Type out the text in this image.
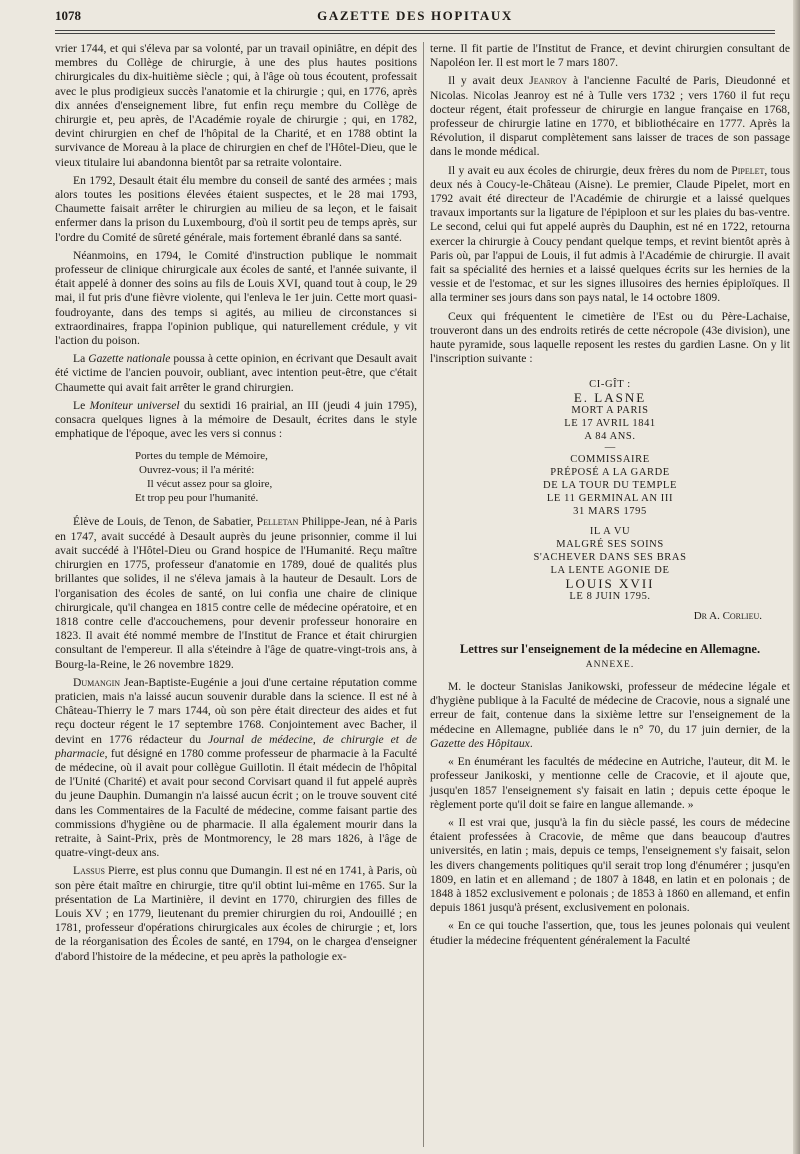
1078	GAZETTE DES HOPITAUX

vrier 1744, et qui s'éleva par sa volonté, par un travail opiniâtre, en dépit des membres du Collège de chirurgie, à une des plus hautes positions chirurgicales du dix-huitième siècle ; qui, à l'âge où tous écoutent, professait avec le plus prodigieux succès l'anatomie et la chirurgie ; qui, en 1776, après dix années d'enseignement libre, fut enfin reçu membre du Collège de chirurgie et, peu après, de l'Académie royale de chirurgie ; qui, en 1782, devint chirurgien en chef de l'hôpital de la Charité, et en 1788 obtint la survivance de Moreau à la place de chirurgien en chef de l'Hôtel-Dieu, que le vieux titulaire lui abandonna bientôt par sa retraite volontaire.

En 1792, Desault était élu membre du conseil de santé des armées ; mais alors toutes les positions élevées étaient suspectes, et le 28 mai 1793, Chaumette faisait arrêter le chirurgien au milieu de sa leçon, et le faisait enfermer dans la prison du Luxembourg, d'où il sortit peu de temps après, sur l'ordre du Comité de sûreté générale, mais fortement ébranlé dans sa santé.

Néanmoins, en 1794, le Comité d'instruction publique le nommait professeur de clinique chirurgicale aux écoles de santé, et l'année suivante, il était appelé à donner des soins au fils de Louis XVI, quand tout à coup, le 29 mai, il fut pris d'une fièvre violente, qui l'enleva le 1er juin. Cette mort quasi-foudroyante, dans des temps si agités, au milieu de circonstances si extraordinaires, frappa l'opinion publique, qui naturellement crédule, y vit l'action du poison.

La Gazette nationale poussa à cette opinion, en écrivant que Desault avait été victime de l'ancien pouvoir, oubliant, avec intention peut-être, que c'était Chaumette qui avait fait arrêter le grand chirurgien.

Le Moniteur universel du sextidi 16 prairial, an III (jeudi 4 juin 1795), consacra quelques lignes à la mémoire de Desault, écrites dans le style emphatique de l'époque, avec les vers si connus :

Portes du temple de Mémoire,
Ouvrez-vous; il l'a mérité:
Il vécut assez pour sa gloire,
Et trop peu pour l'humanité.

Élève de Louis, de Tenon, de Sabatier, Pelletan Philippe-Jean, né à Paris en 1747, avait succédé à Desault auprès du jeune prisonnier, comme il lui avait succédé à l'Hôtel-Dieu ou Grand hospice de l'Humanité. Reçu maître chirurgien en 1775, professeur d'anatomie en 1789, doué de qualités plus brillantes que solides, il ne s'éleva jamais à la hauteur de Desault. Lors de l'organisation des écoles de santé, on lui confia une chaire de clinique chirurgicale, qu'il changea en 1815 contre celle de médecine opératoire, et en 1818 contre celle d'accouchemens, pour devenir professeur honoraire en 1823. Il avait été nommé membre de l'Institut de France et était chirurgien consultant de l'empereur. Il alla s'éteindre à l'âge de quatre-vingt-trois ans, à Bourg-la-Reine, le 26 novembre 1829.

Dumangin Jean-Baptiste-Eugénie a joui d'une certaine réputation comme praticien, mais n'a laissé aucun souvenir durable dans la science. Il est né à Château-Thierry le 7 mars 1744, où son père était directeur des aides et fut reçu docteur régent le 17 septembre 1768. Conjointement avec Bacher, il devint en 1776 rédacteur du Journal de médecine, de chirurgie et de pharmacie, fut désigné en 1780 comme professeur de pharmacie à la Faculté de médecine, où il avait pour collègue Guillotin. Il était médecin de l'hôpital de l'Unité (Charité) et avait pour second Corvisart quand il fut appelé auprès du jeune Dauphin. Dumangin n'a laissé aucun écrit ; on le trouve souvent cité dans les Commentaires de la Faculté de médecine, comme faisant partie des commissions d'hygiène ou de pharmacie. Il alla également mourir dans la retraite, à Saint-Prix, près de Montmorency, le 28 mars 1826, à l'âge de quatre-vingt-deux ans.

Lassus Pierre, est plus connu que Dumangin. Il est né en 1741, à Paris, où son père était maître en chirurgie, titre qu'il obtint lui-même en 1765. Sur la présentation de La Martinière, il devint en 1770, chirurgien des filles de Louis XV ; en 1779, lieutenant du premier chirurgien du roi, Andouillé ; en 1781, professeur d'opérations chirurgicales aux écoles de chirurgie ; et, lors de la réorganisation des Écoles de santé, en 1794, on le chargea d'enseigner d'abord l'histoire de la médecine, et peu après la pathologie ex-

terne. Il fit partie de l'Institut de France, et devint chirurgien consultant de Napoléon Ier. Il est mort le 7 mars 1807.

Il y avait deux Jeanroy à l'ancienne Faculté de Paris, Dieudonné et Nicolas. Nicolas Jeanroy est né à Tulle vers 1732 ; vers 1760 il fut reçu docteur régent, était professeur de chirurgie en langue française en 1768, professeur de chirurgie latine en 1770, et bibliothécaire en 1777. Après la Révolution, il disparut complètement sans laisser de traces de son passage dans le monde médical.

Il y avait eu aux écoles de chirurgie, deux frères du nom de Pipelet, tous deux nés à Coucy-le-Château (Aisne). Le premier, Claude Pipelet, mort en 1792 avait été directeur de l'Académie de chirurgie et a laissé quelques travaux importants sur la ligature de l'épiploon et sur les plaies du bas-ventre. Le second, celui qui fut appelé auprès du Dauphin, est né en 1722, retourna exercer la chirurgie à Coucy pendant quelque temps, et revint bientôt après à Paris où, par l'appui de Louis, il fut admis à l'Académie de chirurgie. Il avait fait sa spécialité des hernies et a laissé quelques écrits sur les hernies de la vessie et de l'estomac, et sur les signes illusoires des hernies épiploïques. Il alla terminer ses jours dans son pays natal, le 14 octobre 1809.

Ceux qui fréquentent le cimetière de l'Est ou du Père-Lachaise, trouveront dans un des endroits retirés de cette nécropole (43e division), une haute pyramide, sous laquelle reposent les restes du gardien Lasne. On y lit l'inscription suivante :

CI-GÎT :
E. LASNE
MORT A PARIS
LE 17 AVRIL 1841
A 84 ANS.
—
COMMISSAIRE
PRÉPOSÉ A LA GARDE
DE LA TOUR DU TEMPLE
LE 11 GERMINAL AN III
31 MARS 1795
IL A VU
MALGRÉ SES SOINS
S'ACHEVER DANS SES BRAS
LA LENTE AGONIE DE
LOUIS XVII
LE 8 JUIN 1795.
Dr A. Corlieu.
Lettres sur l'enseignement de la médecine en Allemagne.
ANNEXE.

M. le docteur Stanislas Janikowski, professeur de médecine légale et d'hygiène publique à la Faculté de médecine de Cracovie, nous a signalé une erreur de fait, contenue dans la sixième lettre sur l'enseignement de la médecine en Allemagne, publiée dans le n° 70, du 17 juin dernier, de la Gazette des Hôpitaux.

« En énumérant les facultés de médecine en Autriche, l'auteur, dit M. le professeur Janikoski, y mentionne celle de Cracovie, et il ajoute que, jusqu'en 1857 l'enseignement s'y faisait en latin ; depuis cette époque le règlement porte qu'il doit se faire en langue allemande. »

« Il est vrai que, jusqu'à la fin du siècle passé, les cours de médecine étaient professées à Cracovie, de même que dans beaucoup d'autres universités, en latin ; mais, depuis ce temps, l'enseignement s'y faisait, selon les divers changements politiques qu'il serait trop long d'énumérer ; jusqu'en 1809, en latin et en allemand ; de 1807 à 1848, en latin et en polonais ; de 1848 à 1852 exclusivement e polonais ; de 1853 à 1860 en allemand, et enfin depuis 1861 jusqu'à présent, exclusivement en polonais.

« En ce qui touche l'assertion, que, tous les jeunes polonais qui veulent étudier la médecine fréquentent généralement la Faculté
